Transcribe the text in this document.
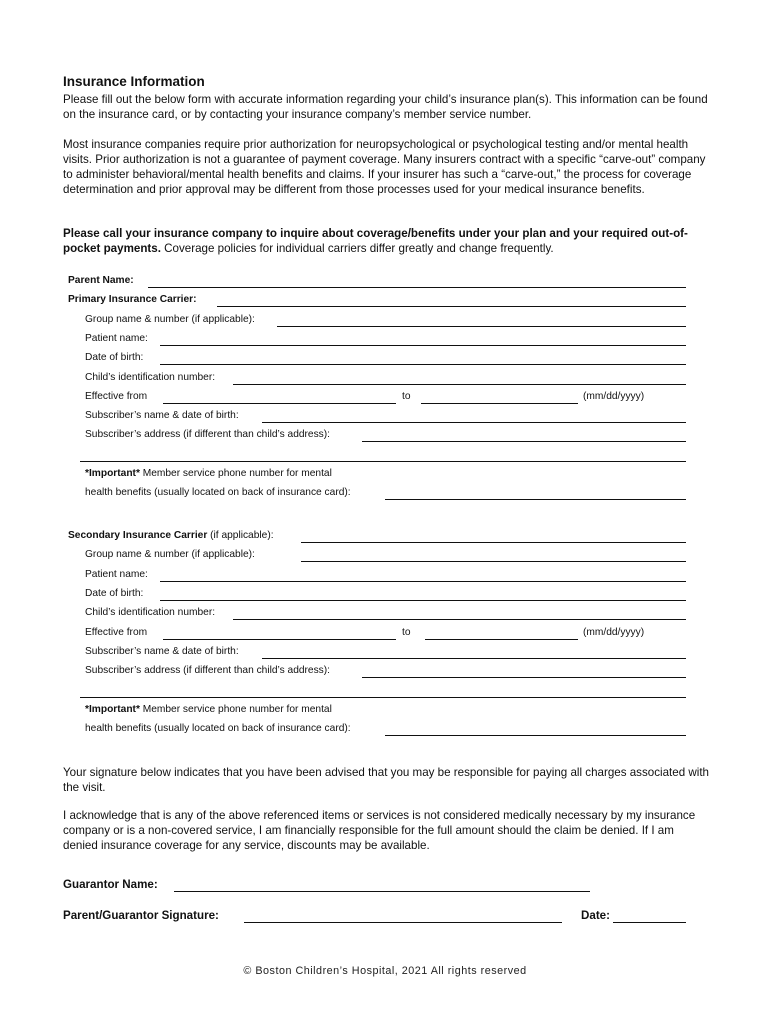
Insurance Information
Please fill out the below form with accurate information regarding your child’s insurance plan(s). This information can be found on the insurance card, or by contacting your insurance company’s member service number.
Most insurance companies require prior authorization for neuropsychological or psychological testing and/or mental health visits. Prior authorization is not a guarantee of payment coverage. Many insurers contract with a specific “carve-out” company to administer behavioral/mental health benefits and claims. If your insurer has such a “carve-out,” the process for coverage determination and prior approval may be different from those processes used for your medical insurance benefits.
Please call your insurance company to inquire about coverage/benefits under your plan and your required out-of-pocket payments. Coverage policies for individual carriers differ greatly and change frequently.
Parent Name:
Primary Insurance Carrier:
Group name & number (if applicable):
Patient name:
Date of birth:
Child’s identification number:
Effective from	to	(mm/dd/yyyy)
Subscriber’s name & date of birth:
Subscriber’s address (if different than child’s address):
*Important* Member service phone number for mental
health benefits (usually located on back of insurance card):
Secondary Insurance Carrier (if applicable):
Group name & number (if applicable):
Patient name:
Date of birth:
Child’s identification number:
Effective from	to	(mm/dd/yyyy)
Subscriber’s name & date of birth:
Subscriber’s address (if different than child’s address):
*Important* Member service phone number for mental
health benefits (usually located on back of insurance card):
Your signature below indicates that you have been advised that you may be responsible for paying all charges associated with the visit.
I acknowledge that is any of the above referenced items or services is not considered medically necessary by my insurance company or is a non-covered service, I am financially responsible for the full amount should the claim be denied. If I am denied insurance coverage for any service, discounts may be available.
Guarantor Name:
Parent/Guarantor Signature:	Date:
© Boston Children’s Hospital, 2021 All rights reserved
